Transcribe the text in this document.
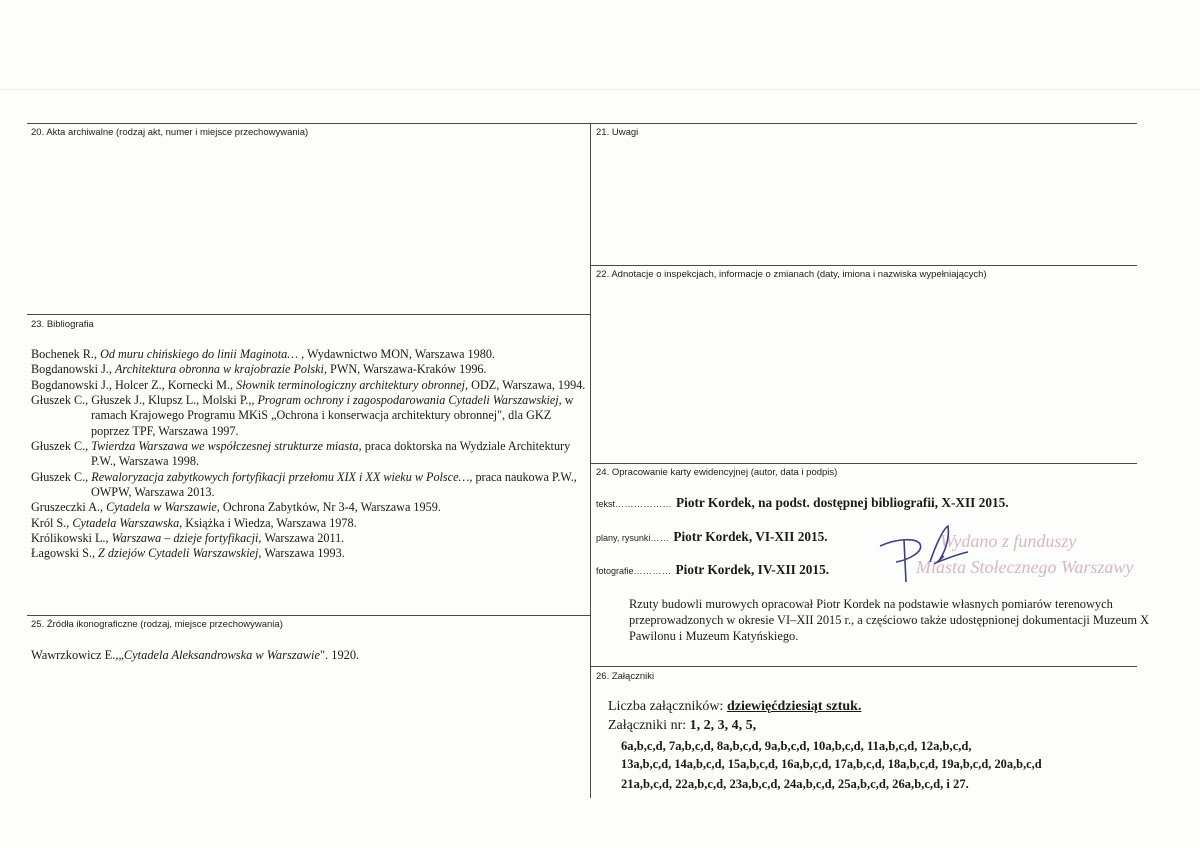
20. Akta archiwalne (rodzaj akt, numer i miejsce przechowywania)	21. Uwagi
22. Adnotacje o inspekcjach, informacje o zmianach (daty, imiona i nazwiska wypełniających)
23. Bibliografia
24. Opracowanie karty ewidencyjnej (autor, data i podpis)
25. Źródła ikonograficzne (rodzaj, miejsce przechowywania)
26. Załączniki

Bochenek R., Od muru chińskiego do linii Maginota… , Wydawnictwo MON, Warszawa 1980.

Bogdanowski J., Architektura obronna w krajobrazie Polski, PWN, Warszawa-Kraków 1996.

Bogdanowski J., Holcer Z., Kornecki M., Słownik terminologiczny architektury obronnej, ODZ, Warszawa, 1994.

Głuszek C., Głuszek J., Klupsz L., Molski P.,, Program ochrony i zagospodarowania Cytadeli Warszawskiej, w ramach Krajowego Programu MKiS „Ochrona i konserwacja architektury obronnej", dla GKZ poprzez TPF, Warszawa 1997.

Głuszek C., Twierdza Warszawa we współczesnej strukturze miasta, praca doktorska na Wydziale Architektury P.W., Warszawa 1998.

Głuszek C., Rewaloryzacja zabytkowych fortyfikacji przełomu XIX i XX wieku w Polsce…, praca naukowa P.W., OWPW, Warszawa 2013.

Gruszeczki A., Cytadela w Warszawie, Ochrona Zabytków, Nr 3-4, Warszawa 1959.

Król S., Cytadela Warszawska, Książka i Wiedza, Warszawa 1978.

Królikowski L., Warszawa – dzieje fortyfikacji, Warszawa 2011.

Łagowski S., Z dziejów Cytadeli Warszawskiej, Warszawa 1993.

Wawrzkowicz E.,„Cytadela Aleksandrowska w Warszawie". 1920.
tekst……………… Piotr Kordek, na podst. dostępnej bibliografii, X-XII 2015.
plany, rysunki…… Piotr Kordek, VI-XII 2015.
fotografie………… Piotr Kordek, IV-XII 2015.
Wydano z funduszy
Miasta Stołecznego Warszawy
Rzuty budowli murowych opracował Piotr Kordek na podstawie własnych pomiarów terenowych przeprowadzonych w okresie VI–XII 2015 r., a częściowo także udostępnionej dokumentacji Muzeum X Pawilonu i Muzeum Katyńskiego.
Liczba załączników: dziewięćdziesiąt sztuk.
Załączniki nr: 1, 2, 3, 4, 5,
6a,b,c,d, 7a,b,c,d, 8a,b,c,d, 9a,b,c,d, 10a,b,c,d, 11a,b,c,d, 12a,b,c,d,
13a,b,c,d, 14a,b,c,d, 15a,b,c,d, 16a,b,c,d, 17a,b,c,d, 18a,b,c,d, 19a,b,c,d, 20a,b,c,d
21a,b,c,d, 22a,b,c,d, 23a,b,c,d, 24a,b,c,d, 25a,b,c,d, 26a,b,c,d, i 27.
